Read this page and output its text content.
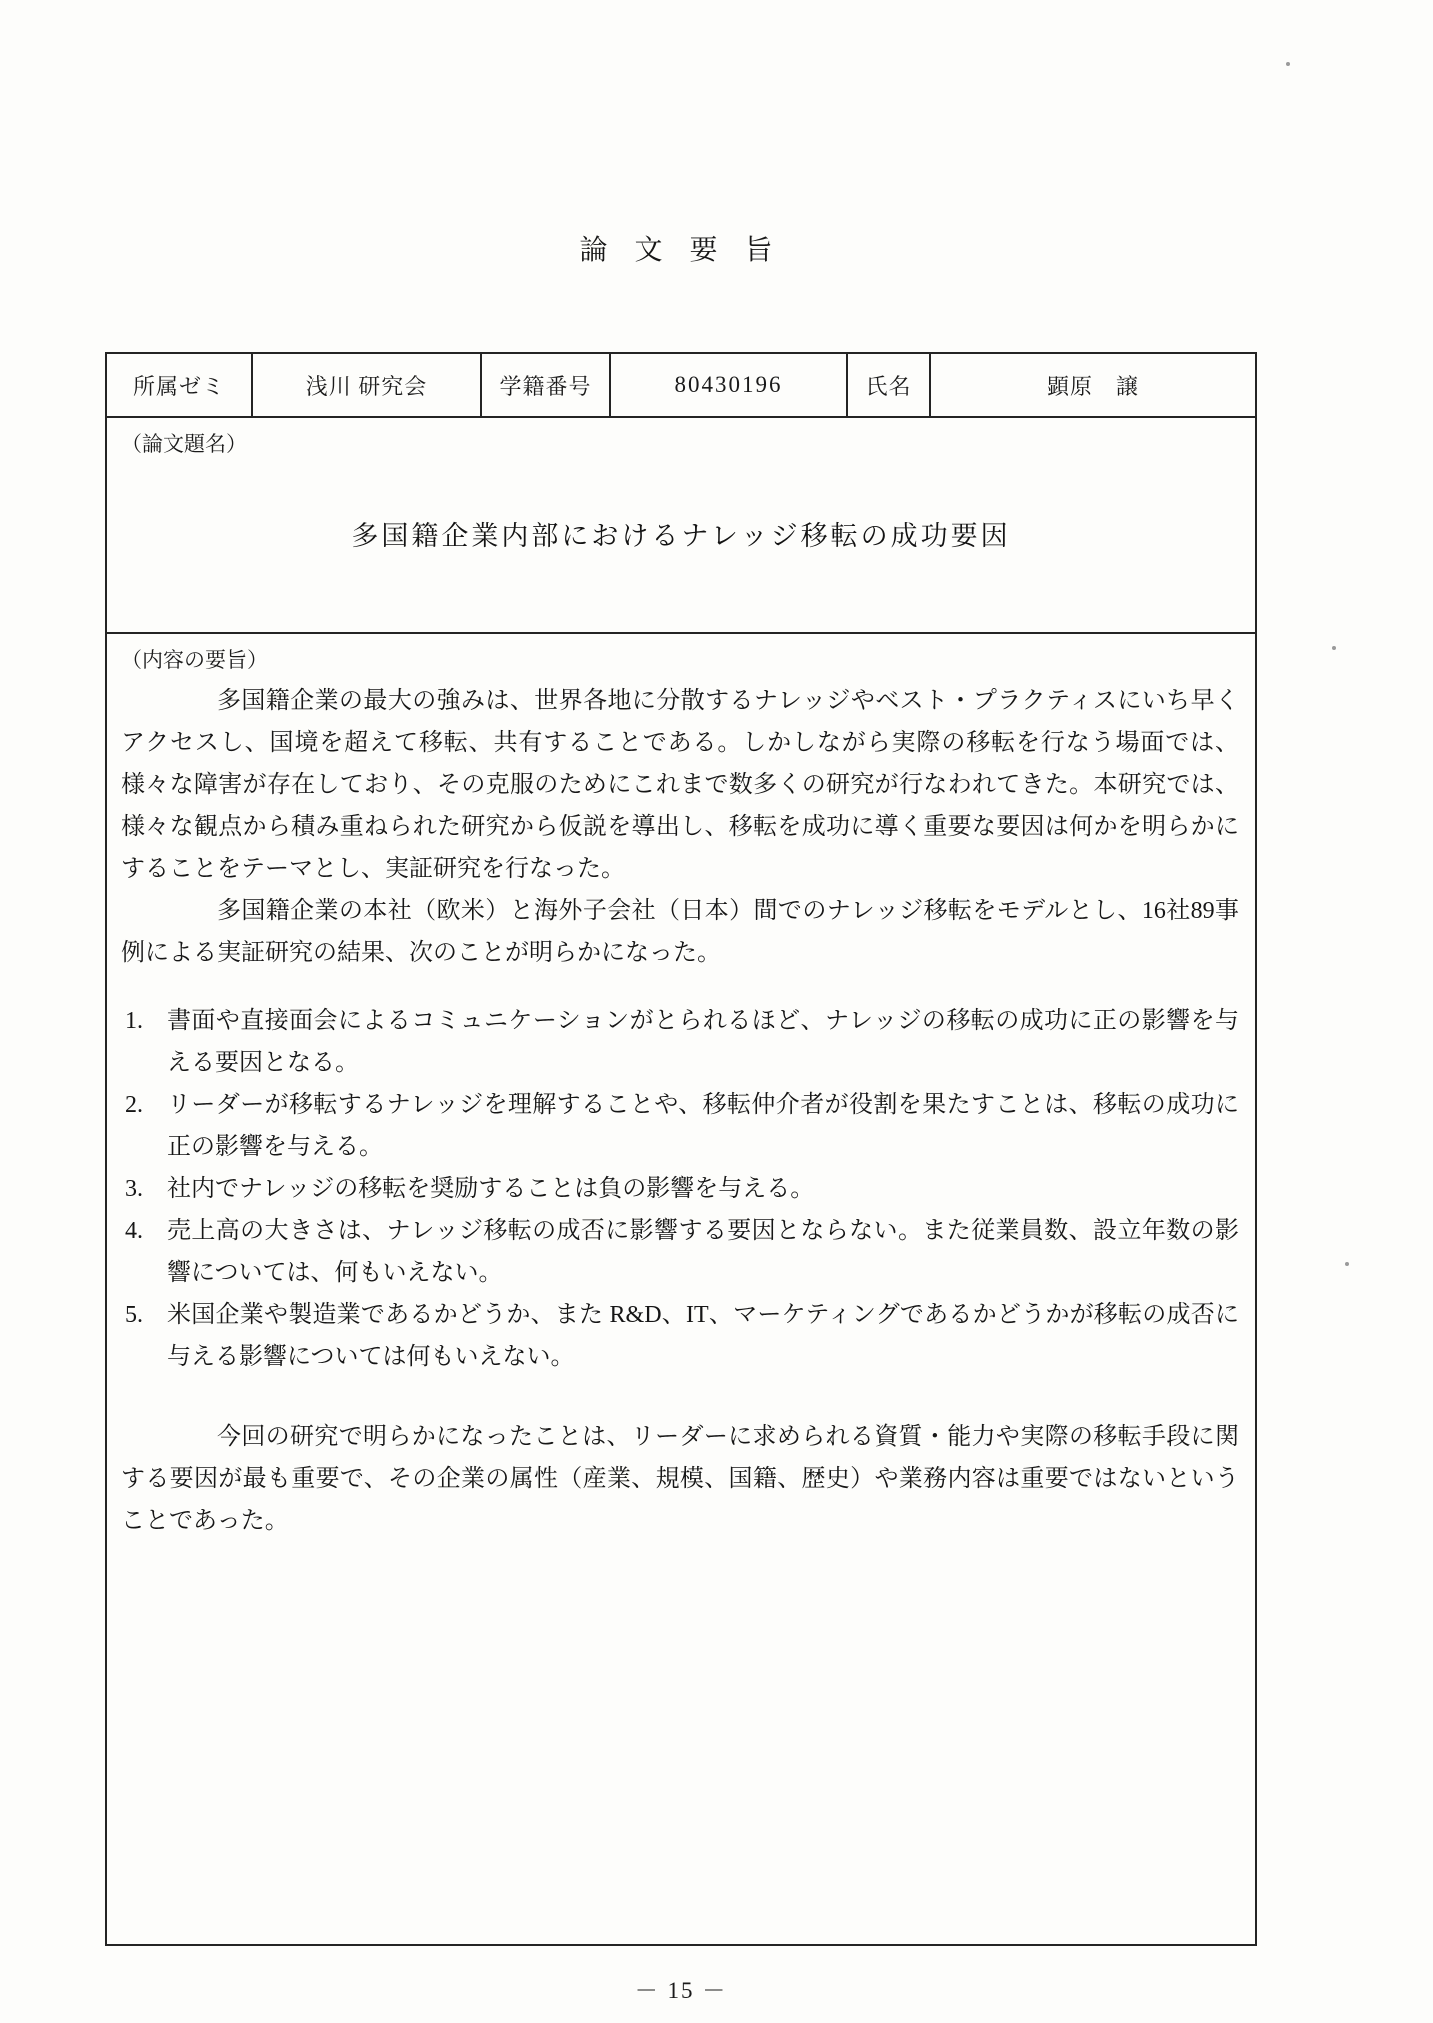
論 文 要 旨
所属ゼミ	浅川 研究会	学籍番号	80430196	氏名	顕原　譲
（論文題名）
多国籍企業内部におけるナレッジ移転の成功要因
（内容の要旨）
多国籍企業の最大の強みは、世界各地に分散するナレッジやベスト・プラクティスにいち早くアクセスし、国境を超えて移転、共有することである。しかしながら実際の移転を行なう場面では、様々な障害が存在しており、その克服のためにこれまで数多くの研究が行なわれてきた。本研究では、様々な観点から積み重ねられた研究から仮説を導出し、移転を成功に導く重要な要因は何かを明らかにすることをテーマとし、実証研究を行なった。
多国籍企業の本社（欧米）と海外子会社（日本）間でのナレッジ移転をモデルとし、16社89事例による実証研究の結果、次のことが明らかになった。
1.	書面や直接面会によるコミュニケーションがとられるほど、ナレッジの移転の成功に正の影響を与える要因となる。
2.	リーダーが移転するナレッジを理解することや、移転仲介者が役割を果たすことは、移転の成功に正の影響を与える。
3.	社内でナレッジの移転を奨励することは負の影響を与える。
4.	売上高の大きさは、ナレッジ移転の成否に影響する要因とならない。また従業員数、設立年数の影響については、何もいえない。
5.	米国企業や製造業であるかどうか、また R&D、IT、マーケティングであるかどうかが移転の成否に与える影響については何もいえない。
今回の研究で明らかになったことは、リーダーに求められる資質・能力や実際の移転手段に関する要因が最も重要で、その企業の属性（産業、規模、国籍、歴史）や業務内容は重要ではないということであった。
－ 15 －
